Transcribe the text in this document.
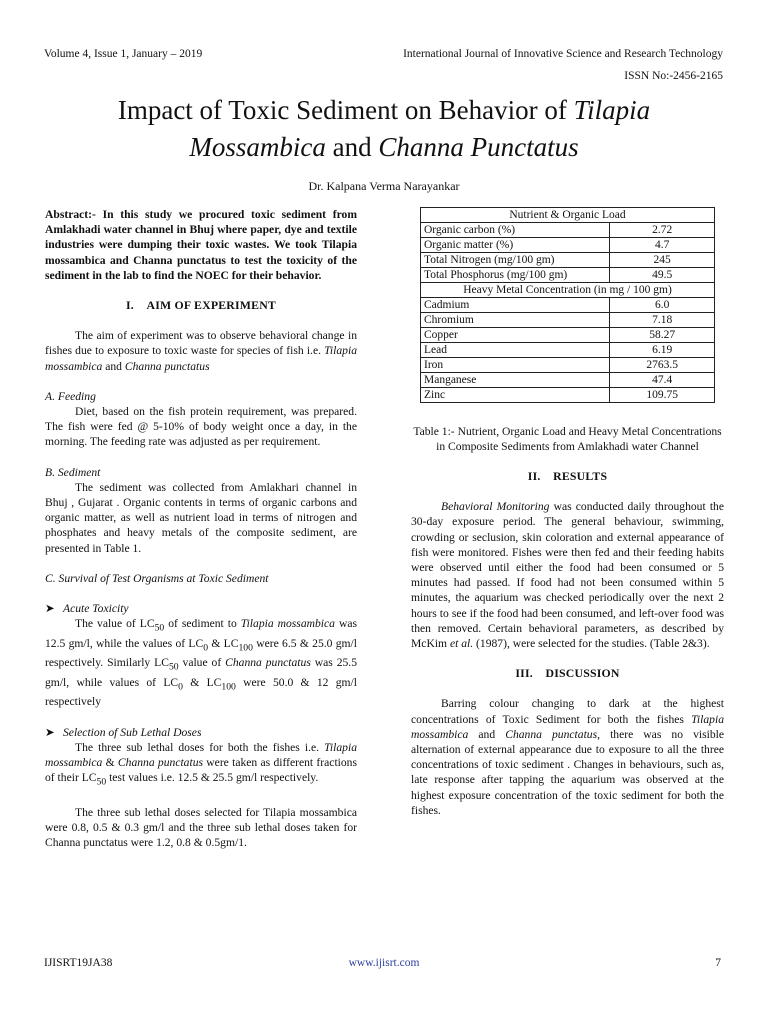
Volume 4, Issue 1, January – 2019	International Journal of Innovative Science and Research Technology
ISSN No:-2456-2165
Impact of Toxic Sediment on Behavior of Tilapia
Mossambica and Channa Punctatus
Dr. Kalpana Verma Narayankar

Abstract:- In this study we procured toxic sediment from Amlakhadi water channel in Bhuj where paper, dye and textile industries were dumping their toxic wastes. We took Tilapia mossambica and Channa punctatus to test the toxicity of the sediment in the lab to find the NOEC for their behavior.

I. AIM OF EXPERIMENT

The aim of experiment was to observe behavioral change in fishes due to exposure to toxic waste for species of fish i.e. Tilapia mossambica and Channa punctatus

A. Feeding

Diet, based on the fish protein requirement, was prepared. The fish were fed @ 5-10% of body weight once a day, in the morning. The feeding rate was adjusted as per requirement.

B. Sediment

The sediment was collected from Amlakhari channel in Bhuj , Gujarat . Organic contents in terms of organic carbons and organic matter, as well as nutrient load in terms of nitrogen and phosphates and heavy metals of the composite sediment, are presented in Table 1.

C. Survival of Test Organisms at Toxic Sediment

➤ Acute Toxicity

The value of $LC_{50}$ of sediment to Tilapia mossambica was 12.5 gm/l, while the values of $LC_0$ & $LC_{100}$ were 6.5 & 25.0 gm/l respectively. Similarly $LC_{50}$ value of Channa punctatus was 25.5 gm/l, while values of $LC_0$ & $LC_{100}$ were 50.0 & 12 gm/l respectively

➤ Selection of Sub Lethal Doses

The three sub lethal doses for both the fishes i.e. Tilapia mossambica & Channa punctatus were taken as different fractions of their $LC_{50}$ test values i.e. 12.5 & 25.5 gm/l respectively.

The three sub lethal doses selected for Tilapia mossambica were 0.8, 0.5 & 0.3 gm/l and the three sub lethal doses taken for Channa punctatus were 1.2, 0.8 & 0.5gm/1.

Nutrient & Organic Load	
Organic carbon (%)	2.72
Organic matter (%)	4.7
Total Nitrogen (mg/100 gm)	245
Total Phosphorus (mg/100 gm)	49.5
Heavy Metal Concentration (in mg / 100 gm)	
Cadmium	6.0
Chromium	7.18
Copper	58.27
Lead	6.19
Iron	2763.5
Manganese	47.4
Zinc	109.75

Table 1:- Nutrient, Organic Load and Heavy Metal Concentrations in Composite Sediments from Amlakhadi water Channel

II. RESULTS

Behavioral Monitoring was conducted daily throughout the 30-day exposure period. The general behaviour, swimming, crowding or seclusion, skin coloration and external appearance of fish were monitored. Fishes were then fed and their feeding habits were observed until either the food had been consumed or 5 minutes had passed. If food had not been consumed within 5 minutes, the aquarium was checked periodically over the next 2 hours to see if the food had been consumed, and left-over food was then removed. Certain behavioral parameters, as described by McKim et al. (1987), were selected for the studies. (Table 2&3).

III. DISCUSSION

Barring colour changing to dark at the highest concentrations of Toxic Sediment for both the fishes Tilapia mossambica and Channa punctatus, there was no visible alternation of external appearance due to exposure to all the three concentrations of toxic sediment . Changes in behaviours, such as, late response after tapping the aquarium was observed at the highest exposure concentration of the toxic sediment for both the fishes.

IJISRT19JA38	www.ijisrt.com	7
